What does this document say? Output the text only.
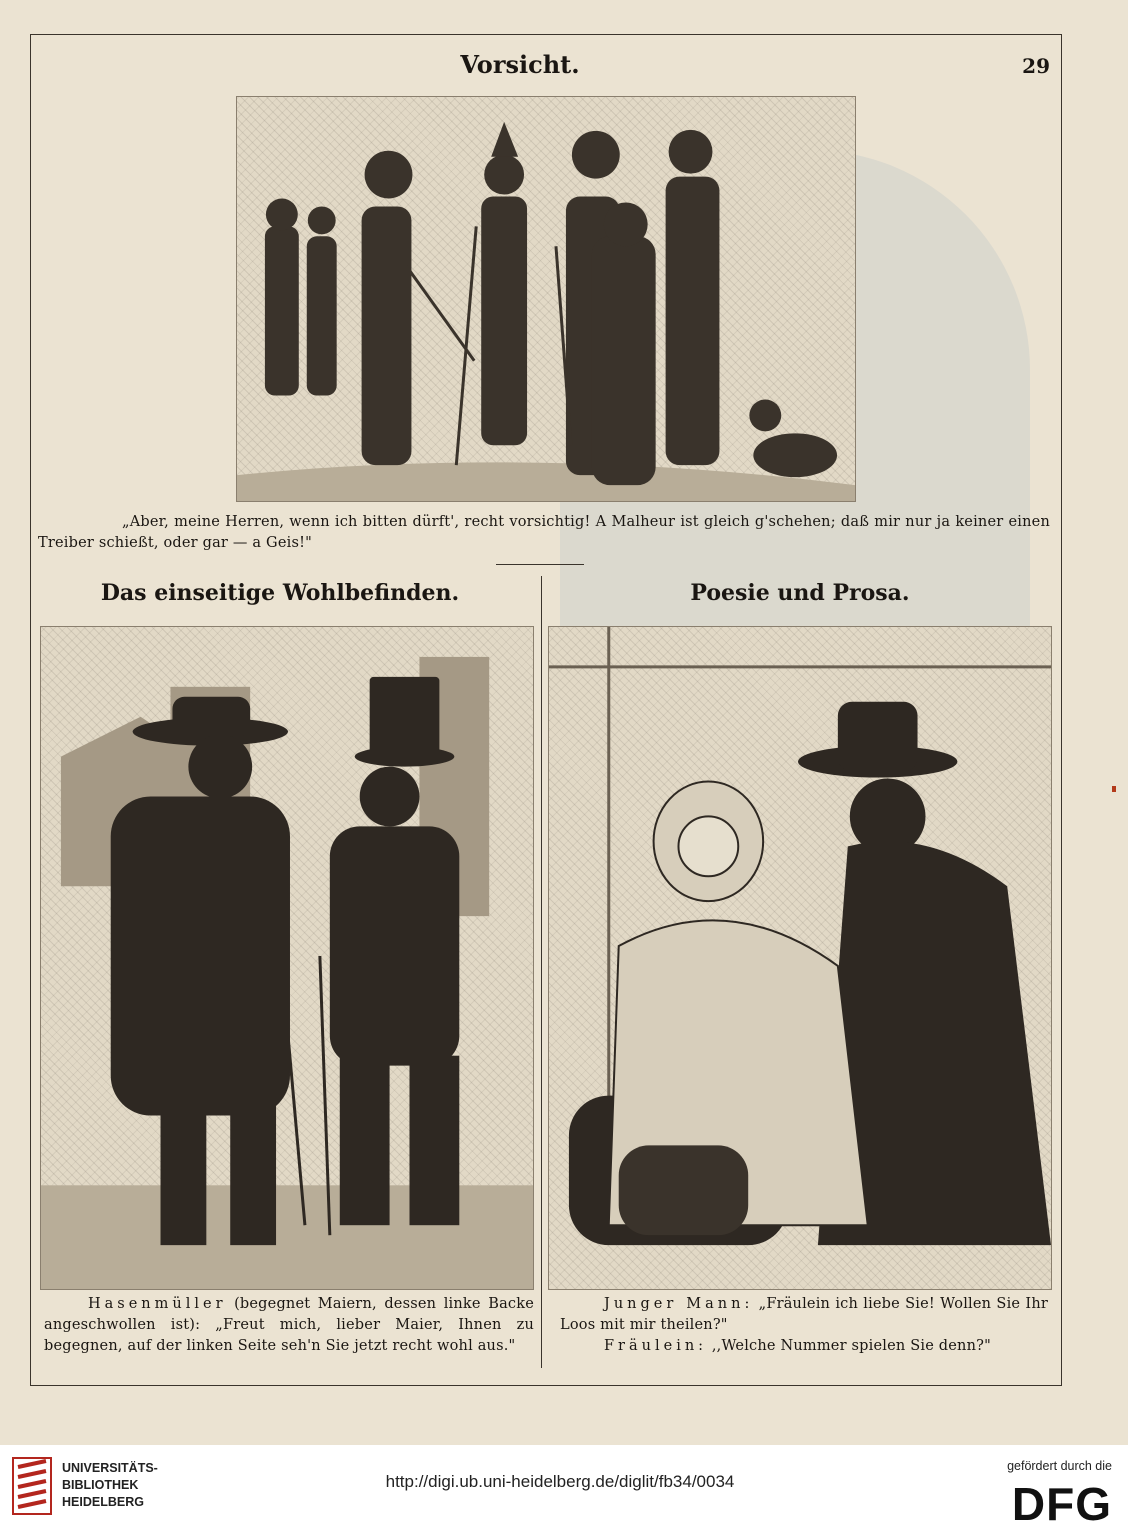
Vorsicht.	29
„Aber, meine Herren, wenn ich bitten dürft', recht vorsichtig! A Malheur ist gleich g'schehen; daß mir nur ja keiner einen Treiber schießt, oder gar — a Geis!"
Das einseitige Wohlbefinden.	Poesie und Prosa.
Hasenmüller (begegnet Maiern, dessen linke Backe angeschwollen ist): „Freut mich, lieber Maier, Ihnen zu begegnen, auf der linken Seite seh'n Sie jetzt recht wohl aus."
Junger Mann: „Fräulein ich liebe Sie! Wollen Sie Ihr Loos mit mir theilen?"
Fräulein: ,,Welche Nummer spielen Sie denn?"
UNIVERSITÄTS-
BIBLIOTHEK
HEIDELBERG
http://digi.ub.uni-heidelberg.de/diglit/fb34/0034
gefördert durch die
DFG
